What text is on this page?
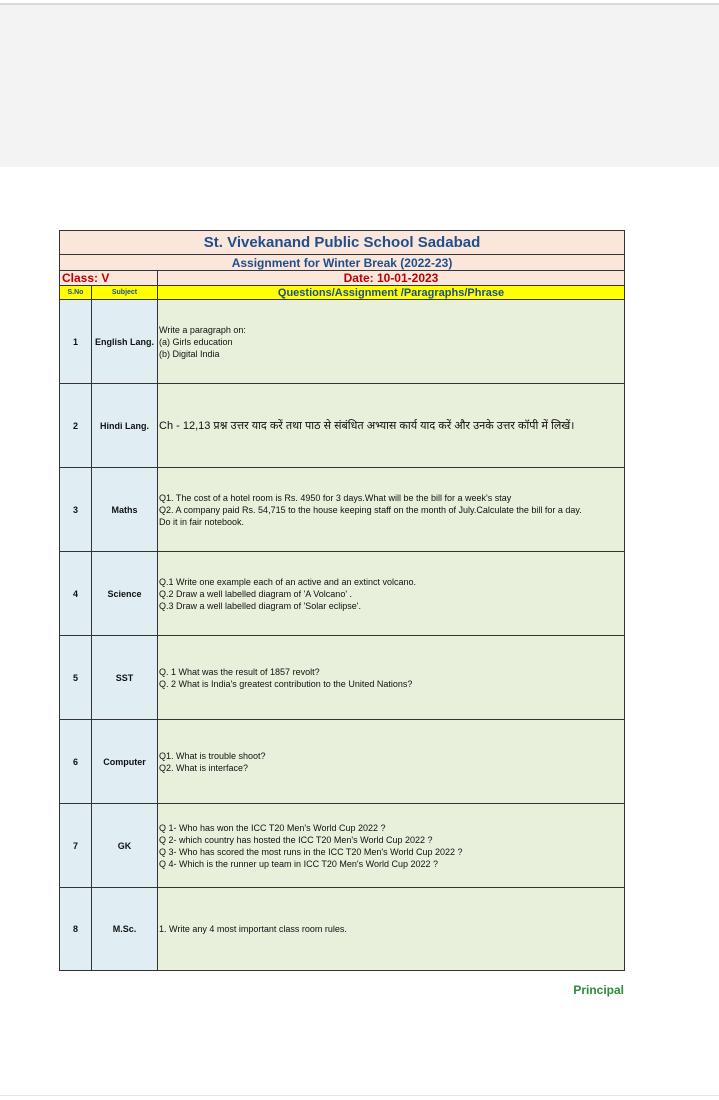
St. Vivekanand Public School Sadabad		
Assignment for Winter Break (2022-23)		
Class: V		Date: 10-01-2023
S.No	Subject	Questions/Assignment /Paragraphs/Phrase
1	English Lang.	Write a paragraph on:
(a) Girls education
(b) Digital India

2	Hindi Lang.	Ch - 12,13 प्रश्न उत्तर याद करें तथा पाठ से संबंधित अभ्यास कार्य याद करें और उनके उत्तर कॉपी में लिखें।

3	Maths	Q1. The cost of a hotel room is Rs. 4950 for 3 days.What will be the bill for a week's stay
Q2. A company paid Rs. 54,715 to the house keeping staff on the month of July.Calculate the bill for a day.
Do it in fair notebook.

4	Science	Q.1 Write one example each of an active and an extinct volcano.
Q.2 Draw a well labelled diagram of 'A Volcano' .
Q.3 Draw a well labelled diagram of 'Solar eclipse'.

5	SST	Q. 1 What was the result of 1857 revolt?
Q. 2 What is India's greatest contribution to the United Nations?

6	Computer	Q1. What is trouble shoot?
Q2. What is interface?

7	GK	Q 1- Who has won the ICC T20 Men's World Cup 2022 ?
Q 2- which country has hosted the ICC T20 Men's World Cup 2022 ?
Q 3- Who has scored the most runs in the ICC T20 Men's World Cup 2022 ?
Q 4- Which is the runner up team in ICC T20 Men's World Cup 2022 ?

8	M.Sc.	1. Write any 4 most important class room rules.
Principal
